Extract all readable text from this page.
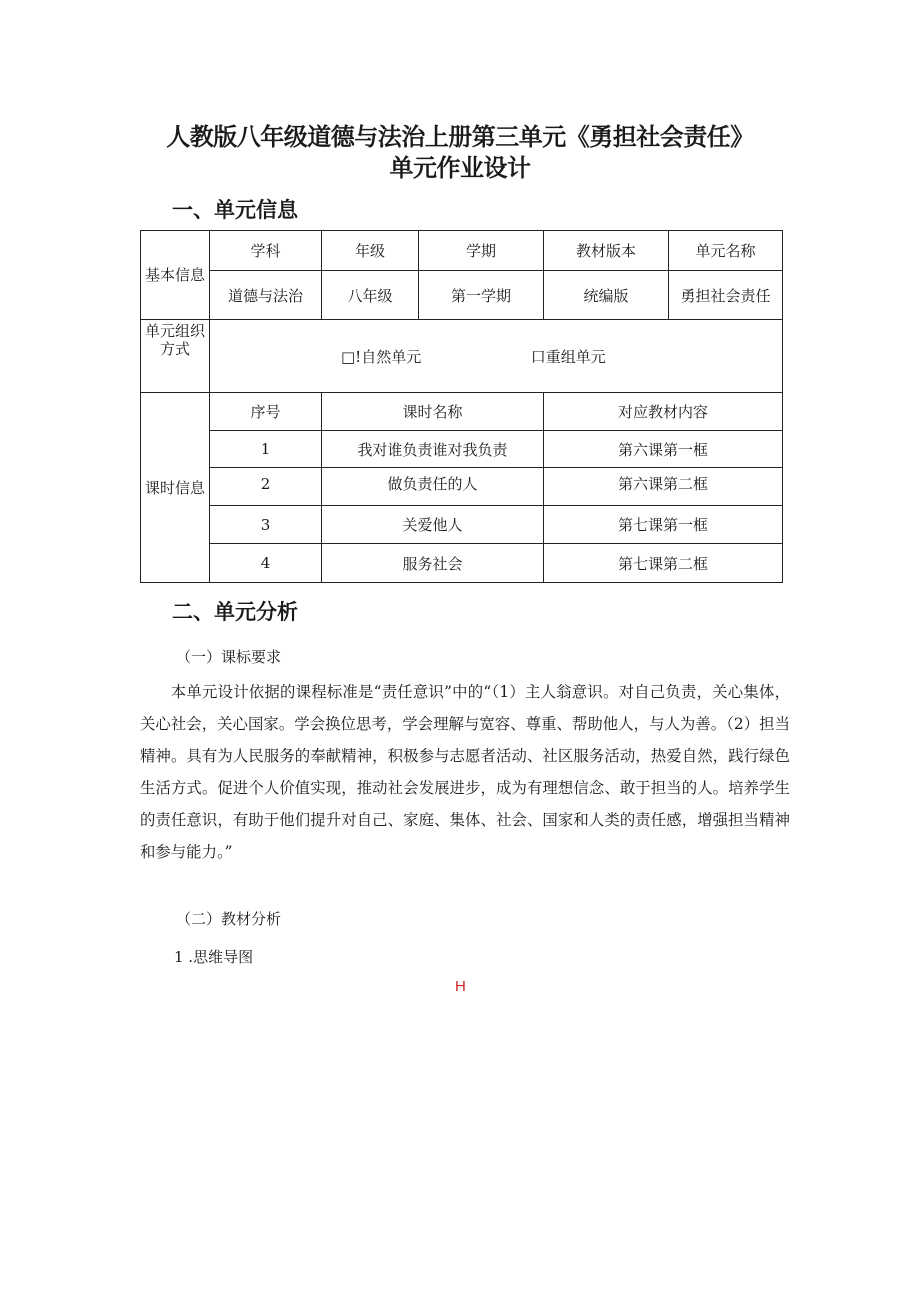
人教版八年级道德与法治上册第三单元《勇担社会责任》
单元作业设计
一、单元信息
基本信息	学科	年级	学期	教材版本	单元名称
	道德与法治	八年级	第一学期	统编版	勇担社会责任
单元组织方式	□!自然单元 口重组单元				
课时信息	序号	课时名称		对应教材内容	
	1	我对谁负责谁对我负责		第六课第一框	
	2	做负责任的人		第六课第二框	
	3	关爱他人		第七课第一框	
	4	服务社会		第七课第二框	
二、单元分析
（一）课标要求

本单元设计依据的课程标准是“责任意识”中的“（1）主人翁意识。对自己负责，关心集体，关心社会，关心国家。学会换位思考，学会理解与宽容、尊重、帮助他人，与人为善。（2）担当精神。具有为人民服务的奉献精神，积极参与志愿者活动、社区服务活动，热爱自然，践行绿色生活方式。促进个人价值实现，推动社会发展进步，成为有理想信念、敢于担当的人。培养学生的责任意识，有助于他们提升对自己、家庭、集体、社会、国家和人类的责任感，增强担当精神和参与能力。”

（二）教材分析
1 .思维导图
H
